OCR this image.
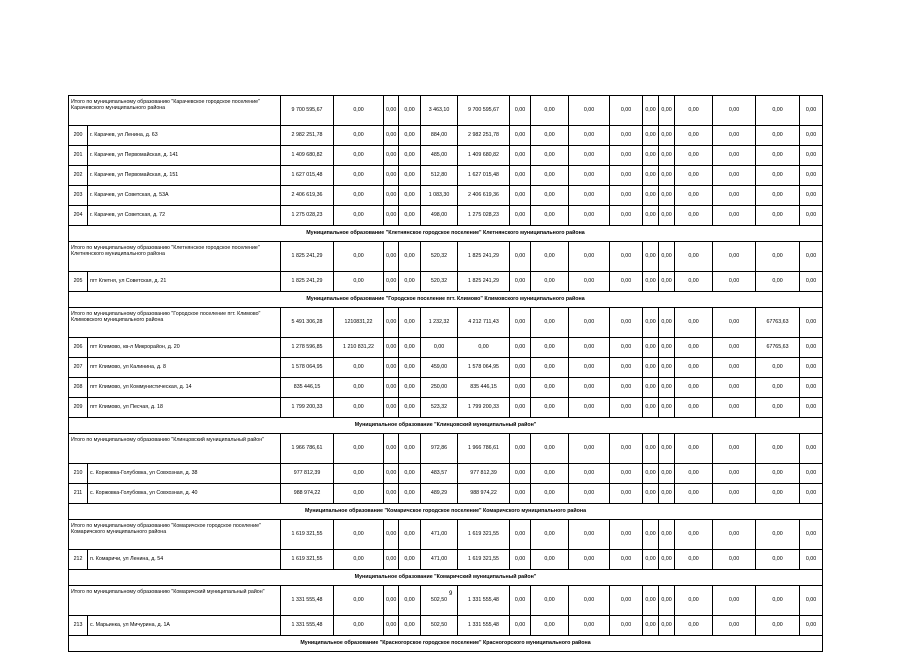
Итого по муниципальному образованию "Карачевское городское поселение" Карачевского муниципального района		9 700 595,67	0,00	0,00	0,00	3 463,10	9 700 595,67	0,00	0,00	0,00	0,00	0,00	0,00	0,00	0,00	0,00	0,00
200	г. Карачев, ул Ленина, д. 63	2 982 251,78	0,00	0,00	0,00	884,00	2 982 251,78	0,00	0,00	0,00	0,00	0,00	0,00	0,00	0,00	0,00	0,00
201	г. Карачев, ул Первомайская, д. 141	1 409 680,82	0,00	0,00	0,00	485,00	1 409 680,82	0,00	0,00	0,00	0,00	0,00	0,00	0,00	0,00	0,00	0,00
202	г. Карачев, ул Первомайская, д. 151	1 627 015,48	0,00	0,00	0,00	512,80	1 627 015,48	0,00	0,00	0,00	0,00	0,00	0,00	0,00	0,00	0,00	0,00
203	г. Карачев, ул Советская, д. 53А	2 406 619,36	0,00	0,00	0,00	1 083,30	2 406 619,36	0,00	0,00	0,00	0,00	0,00	0,00	0,00	0,00	0,00	0,00
204	г. Карачев, ул Советская, д. 72	1 275 028,23	0,00	0,00	0,00	498,00	1 275 028,23	0,00	0,00	0,00	0,00	0,00	0,00	0,00	0,00	0,00	0,00
Муниципальное образование "Клетнянское городское поселение" Клетнянского муниципального района																	
Итого по муниципальному образованию "Клетнянское городское поселение" Клетнянского муниципального района		1 825 241,29	0,00	0,00	0,00	520,32	1 825 241,29	0,00	0,00	0,00	0,00	0,00	0,00	0,00	0,00	0,00	0,00
205	пгт Клетня, ул Советская, д. 21	1 825 241,29	0,00	0,00	0,00	520,32	1 825 241,29	0,00	0,00	0,00	0,00	0,00	0,00	0,00	0,00	0,00	0,00
Муниципальное образование "Городское поселение пгт. Климово" Климовского муниципального района																	
Итого по муниципальному образованию "Городское поселение пгт. Климово" Климовского муниципального района		5 491 306,28	1210831,22	0,00	0,00	1 232,32	4 212 711,43	0,00	0,00	0,00	0,00	0,00	0,00	0,00	0,00	67763,63	0,00
206	пгт Климово, кв-л Микрорайон, д. 20	1 278 596,85	1 210 831,22	0,00	0,00	0,00	0,00	0,00	0,00	0,00	0,00	0,00	0,00	0,00	0,00	67765,63	0,00
207	пгт Климово, ул Калинина, д. 8	1 578 064,95	0,00	0,00	0,00	459,00	1 578 064,95	0,00	0,00	0,00	0,00	0,00	0,00	0,00	0,00	0,00	0,00
208	пгт Климово, ул Коммунистическая, д. 14	835 446,15	0,00	0,00	0,00	250,00	835 446,15	0,00	0,00	0,00	0,00	0,00	0,00	0,00	0,00	0,00	0,00
209	пгт Климово, ул Песчая, д. 18	1 799 200,33	0,00	0,00	0,00	523,32	1 799 200,33	0,00	0,00	0,00	0,00	0,00	0,00	0,00	0,00	0,00	0,00
Муниципальное образование "Клинцовский муниципальный район"																	
Итого по муниципальному образованию "Клинцовский муниципальный район"		1 966 786,61	0,00	0,00	0,00	972,86	1 966 786,61	0,00	0,00	0,00	0,00	0,00	0,00	0,00	0,00	0,00	0,00
210	с. Коржовка-Голубовка, ул Совхозная, д. 38	977 812,39	0,00	0,00	0,00	483,57	977 812,39	0,00	0,00	0,00	0,00	0,00	0,00	0,00	0,00	0,00	0,00
211	с. Коржовка-Голубовка, ул Совхозная, д. 40	988 974,22	0,00	0,00	0,00	489,29	988 974,22	0,00	0,00	0,00	0,00	0,00	0,00	0,00	0,00	0,00	0,00
Муниципальное образование "Комаричское городское поселение" Комаричского муниципального района																	
Итого по муниципальному образованию "Комаричское городское поселение" Комаричского муниципального района		1 619 321,55	0,00	0,00	0,00	471,00	1 619 321,55	0,00	0,00	0,00	0,00	0,00	0,00	0,00	0,00	0,00	0,00
212	п. Комаричи, ул Ленина, д. 54	1 619 321,55	0,00	0,00	0,00	471,00	1 619 321,55	0,00	0,00	0,00	0,00	0,00	0,00	0,00	0,00	0,00	0,00
Муниципальное образование "Комаричский муниципальный район"																	
Итого по муниципальному образованию "Комаричский муниципальный район"		1 331 555,48	0,00	0,00	0,00	502,50	1 331 555,48	0,00	0,00	0,00	0,00	0,00	0,00	0,00	0,00	0,00	0,00
213	с. Марьинка, ул Мичурина, д. 1А	1 331 555,48	0,00	0,00	0,00	502,50	1 331 555,48	0,00	0,00	0,00	0,00	0,00	0,00	0,00	0,00	0,00	0,00
Муниципальное образование "Красногорское городское поселение" Красногорского муниципального района																	
9
